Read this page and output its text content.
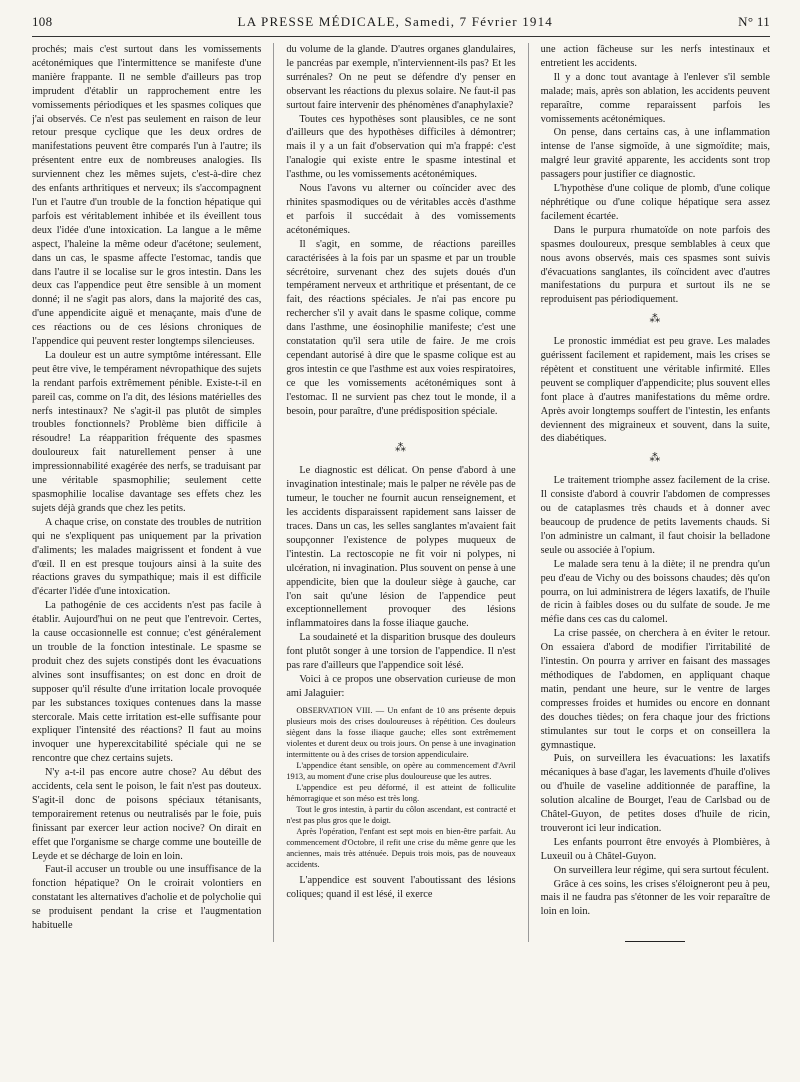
108	LA PRESSE MÉDICALE, Samedi, 7 Février 1914	N° 11

prochés; mais c'est surtout dans les vomissements acétonémiques que l'intermittence se manifeste d'une manière frappante. Il ne semble d'ailleurs pas trop imprudent d'établir un rapprochement entre les vomissements périodiques et les spasmes coliques que j'ai observés. Ce n'est pas seulement en raison de leur retour presque cyclique que les deux ordres de manifestations peuvent être comparés l'un à l'autre; ils présentent entre eux de nombreuses analogies. Ils surviennent chez les mêmes sujets, c'est-à-dire chez des enfants arthritiques et nerveux; ils s'accompagnent l'un et l'autre d'un trouble de la fonction hépatique qui parfois est véritablement inhibée et ils éveillent tous deux l'idée d'une intoxication. La langue a le même aspect, l'haleine la même odeur d'acétone; seulement, dans un cas, le spasme affecte l'estomac, tandis que dans l'autre il se localise sur le gros intestin. Dans les deux cas l'appendice peut être sensible à un moment donné; il ne s'agit pas alors, dans la majorité des cas, d'une appendicite aiguë et menaçante, mais d'une de ces réactions ou de ces lésions chroniques de l'appendice qui peuvent rester longtemps silencieuses.

La douleur est un autre symptôme intéressant. Elle peut être vive, le tempérament névropathique des sujets la rendant parfois extrêmement pénible. Existe-t-il en pareil cas, comme on l'a dit, des lésions matérielles des nerfs intestinaux? Ne s'agit-il pas plutôt de simples troubles fonctionnels? Problème bien difficile à résoudre! La réapparition fréquente des spasmes douloureux fait naturellement penser à une impressionnabilité exagérée des nerfs, se traduisant par une véritable spasmophilie; seulement cette spasmophilie localise davantage ses effets chez les sujets déjà grands que chez les petits.

A chaque crise, on constate des troubles de nutrition qui ne s'expliquent pas uniquement par la privation d'aliments; les malades maigrissent et fondent à vue d'œil. Il en est presque toujours ainsi à la suite des réactions graves du sympathique; mais il est difficile d'écarter l'idée d'une intoxication.

La pathogénie de ces accidents n'est pas facile à établir. Aujourd'hui on ne peut que l'entrevoir. Certes, la cause occasionnelle est connue; c'est généralement un trouble de la fonction intestinale. Le spasme se produit chez des sujets constipés dont les évacuations alvines sont insuffisantes; on est donc en droit de supposer qu'il résulte d'une irritation locale provoquée par les substances toxiques contenues dans la masse stercorale. Mais cette irritation est-elle suffisante pour expliquer l'intensité des réactions? Il faut au moins invoquer une hyperexcitabilité spéciale qui ne se rencontre que chez certains sujets.

N'y a-t-il pas encore autre chose? Au début des accidents, cela sent le poison, le fait n'est pas douteux. S'agit-il donc de poisons spéciaux tétanisants, temporairement retenus ou neutralisés par le foie, puis finissant par exercer leur action nocive? On dirait en effet que l'organisme se charge comme une bouteille de Leyde et se décharge de loin en loin.

Faut-il accuser un trouble ou une insuffisance de la fonction hépatique? On le croirait volontiers en constatant les alternatives d'acholie et de polycholie qui se produisent pendant la crise et l'augmentation habituelle

du volume de la glande. D'autres organes glandulaires, le pancréas par exemple, n'interviennent-ils pas? Et les surrénales? On ne peut se défendre d'y penser en observant les réactions du plexus solaire. Ne faut-il pas surtout faire intervenir des phénomènes d'anaphylaxie?

Toutes ces hypothèses sont plausibles, ce ne sont d'ailleurs que des hypothèses difficiles à démontrer; mais il y a un fait d'observation qui m'a frappé: c'est l'analogie qui existe entre le spasme intestinal et l'asthme, ou les vomissements acétonémiques.

Nous l'avons vu alterner ou coïncider avec des rhinites spasmodiques ou de véritables accès d'asthme et parfois il succédait à des vomissements acétonémiques.

Il s'agit, en somme, de réactions pareilles caractérisées à la fois par un spasme et par un trouble sécrétoire, survenant chez des sujets doués d'un tempérament nerveux et arthritique et présentant, de ce fait, des réactions spéciales. Je n'ai pas encore pu rechercher s'il y avait dans le spasme colique, comme dans l'asthme, une éosinophilie manifeste; c'est une constatation qu'il sera utile de faire. Je me crois cependant autorisé à dire que le spasme colique est au gros intestin ce que l'asthme est aux voies respiratoires, ce que les vomissements acétonémiques sont à l'estomac. Il ne survient pas chez tout le monde, il a besoin, pour paraître, d'une prédisposition spéciale.

⁂

Le diagnostic est délicat. On pense d'abord à une invagination intestinale; mais le palper ne révèle pas de tumeur, le toucher ne fournit aucun renseignement, et les accidents disparaissent rapidement sans laisser de traces. Dans un cas, les selles sanglantes m'avaient fait soupçonner l'existence de polypes muqueux de l'intestin. La rectoscopie ne fit voir ni polypes, ni ulcération, ni invagination. Plus souvent on pense à une appendicite, bien que la douleur siège à gauche, car l'on sait qu'une lésion de l'appendice peut exceptionnellement provoquer des lésions inflammatoires dans la fosse iliaque gauche.

La soudaineté et la disparition brusque des douleurs font plutôt songer à une torsion de l'appendice. Il n'est pas rare d'ailleurs que l'appendice soit lésé.

Voici à ce propos une observation curieuse de mon ami Jalaguier:

OBSERVATION VIII. — Un enfant de 10 ans présente depuis plusieurs mois des crises douloureuses à répétition. Ces douleurs siègent dans la fosse iliaque gauche; elles sont extrêmement violentes et durent deux ou trois jours. On pense à une invagination intermittente ou à des crises de torsion appendiculaire.

L'appendice étant sensible, on opère au commencement d'Avril 1913, au moment d'une crise plus douloureuse que les autres.

L'appendice est peu déformé, il est atteint de folliculite hémorragique et son méso est très long.

Tout le gros intestin, à partir du côlon ascendant, est contracté et n'est pas plus gros que le doigt.

Après l'opération, l'enfant est sept mois en bien-être parfait. Au commencement d'Octobre, il refit une crise du même genre que les anciennes, mais très atténuée. Depuis trois mois, pas de nouveaux accidents.

L'appendice est souvent l'aboutissant des lésions coliques; quand il est lésé, il exerce

une action fâcheuse sur les nerfs intestinaux et entretient les accidents.

Il y a donc tout avantage à l'enlever s'il semble malade; mais, après son ablation, les accidents peuvent reparaître, comme reparaissent parfois les vomissements acétonémiques.

On pense, dans certains cas, à une inflammation intense de l'anse sigmoïde, à une sigmoïdite; mais, malgré leur gravité apparente, les accidents sont trop passagers pour justifier ce diagnostic.

L'hypothèse d'une colique de plomb, d'une colique néphrétique ou d'une colique hépatique sera assez facilement écartée.

Dans le purpura rhumatoïde on note parfois des spasmes douloureux, presque semblables à ceux que nous avons observés, mais ces spasmes sont suivis d'évacuations sanglantes, ils coïncident avec d'autres manifestations du purpura et surtout ils ne se reproduisent pas périodiquement.

⁂

Le pronostic immédiat est peu grave. Les malades guérissent facilement et rapidement, mais les crises se répètent et constituent une véritable infirmité. Elles peuvent se compliquer d'appendicite; plus souvent elles font place à d'autres manifestations du même ordre. Après avoir longtemps souffert de l'intestin, les enfants deviennent des migraineux et souvent, dans la suite, des diabétiques.

⁂

Le traitement triomphe assez facilement de la crise. Il consiste d'abord à couvrir l'abdomen de compresses ou de cataplasmes très chauds et à donner avec beaucoup de prudence de petits lavements chauds. Si l'on administre un calmant, il faut choisir la belladone seule ou associée à l'opium.

Le malade sera tenu à la diète; il ne prendra qu'un peu d'eau de Vichy ou des boissons chaudes; dès qu'on pourra, on lui administrera de légers laxatifs, de l'huile de ricin à faibles doses ou du sulfate de soude. Je me méfie dans ces cas du calomel.

La crise passée, on cherchera à en éviter le retour. On essaiera d'abord de modifier l'irritabilité de l'intestin. On pourra y arriver en faisant des massages méthodiques de l'abdomen, en appliquant chaque matin, pendant une heure, sur le ventre de larges compresses froides et humides ou encore en donnant des douches tièdes; on fera chaque jour des frictions stimulantes sur tout le corps et on conseillera la gymnastique.

Puis, on surveillera les évacuations: les laxatifs mécaniques à base d'agar, les lavements d'huile d'olives ou d'huile de vaseline additionnée de paraffine, la solution alcaline de Bourget, l'eau de Carlsbad ou de Châtel-Guyon, de petites doses d'huile de ricin, trouveront ici leur indication.

Les enfants pourront être envoyés à Plombières, à Luxeuil ou à Châtel-Guyon.

On surveillera leur régime, qui sera surtout féculent.

Grâce à ces soins, les crises s'éloigneront peu à peu, mais il ne faudra pas s'étonner de les voir reparaître de loin en loin.
